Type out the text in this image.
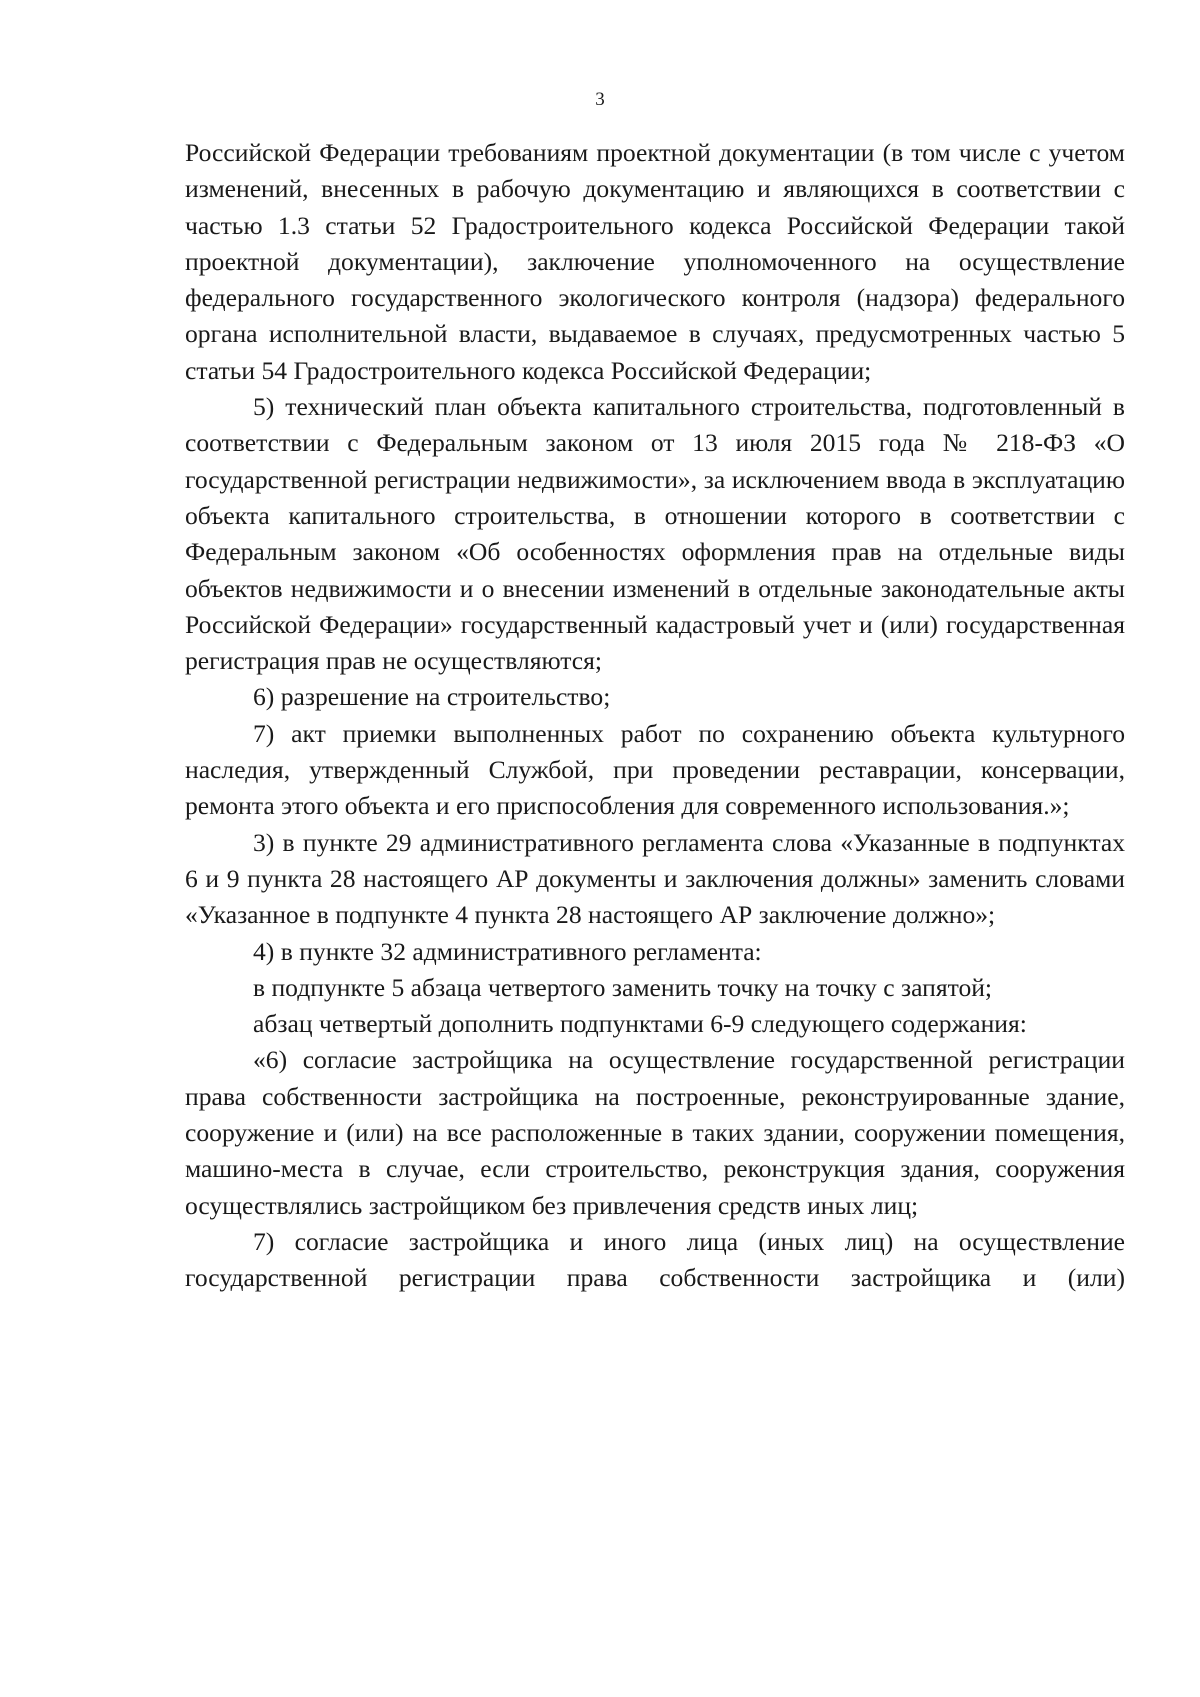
3

Российской Федерации требованиям проектной документации (в том числе с учетом изменений, внесенных в рабочую документацию и являющихся в соответствии с частью 1.3 статьи 52 Градостроительного кодекса Российской Федерации такой проектной документации), заключение уполномоченного на осуществление федерального государственного экологического контроля (надзора) федерального органа исполнительной власти, выдаваемое в случаях, предусмотренных частью 5 статьи 54 Градостроительного кодекса Российской Федерации;

5) технический план объекта капитального строительства, подготовленный в соответствии с Федеральным законом от 13 июля 2015 года № 218-ФЗ «О государственной регистрации недвижимости», за исключением ввода в эксплуатацию объекта капитального строительства, в отношении которого в соответствии с Федеральным законом «Об особенностях оформления прав на отдельные виды объектов недвижимости и о внесении изменений в отдельные законодательные акты Российской Федерации» государственный кадастровый учет и (или) государственная регистрация прав не осуществляются;

6) разрешение на строительство;

7) акт приемки выполненных работ по сохранению объекта культурного наследия, утвержденный Службой, при проведении реставрации, консервации, ремонта этого объекта и его приспособления для современного использования.»;

3) в пункте 29 административного регламента слова «Указанные в подпунктах 6 и 9 пункта 28 настоящего АР документы и заключения должны» заменить словами «Указанное в подпункте 4 пункта 28 настоящего АР заключение должно»;

4) в пункте 32 административного регламента:

в подпункте 5 абзаца четвертого заменить точку на точку с запятой;

абзац четвертый дополнить подпунктами 6-9 следующего содержания:

«6) согласие застройщика на осуществление государственной регистрации права собственности застройщика на построенные, реконструированные здание, сооружение и (или) на все расположенные в таких здании, сооружении помещения, машино-места в случае, если строительство, реконструкция здания, сооружения осуществлялись застройщиком без привлечения средств иных лиц;

7) согласие застройщика и иного лица (иных лиц) на осуществление государственной регистрации права собственности застройщика и (или)
